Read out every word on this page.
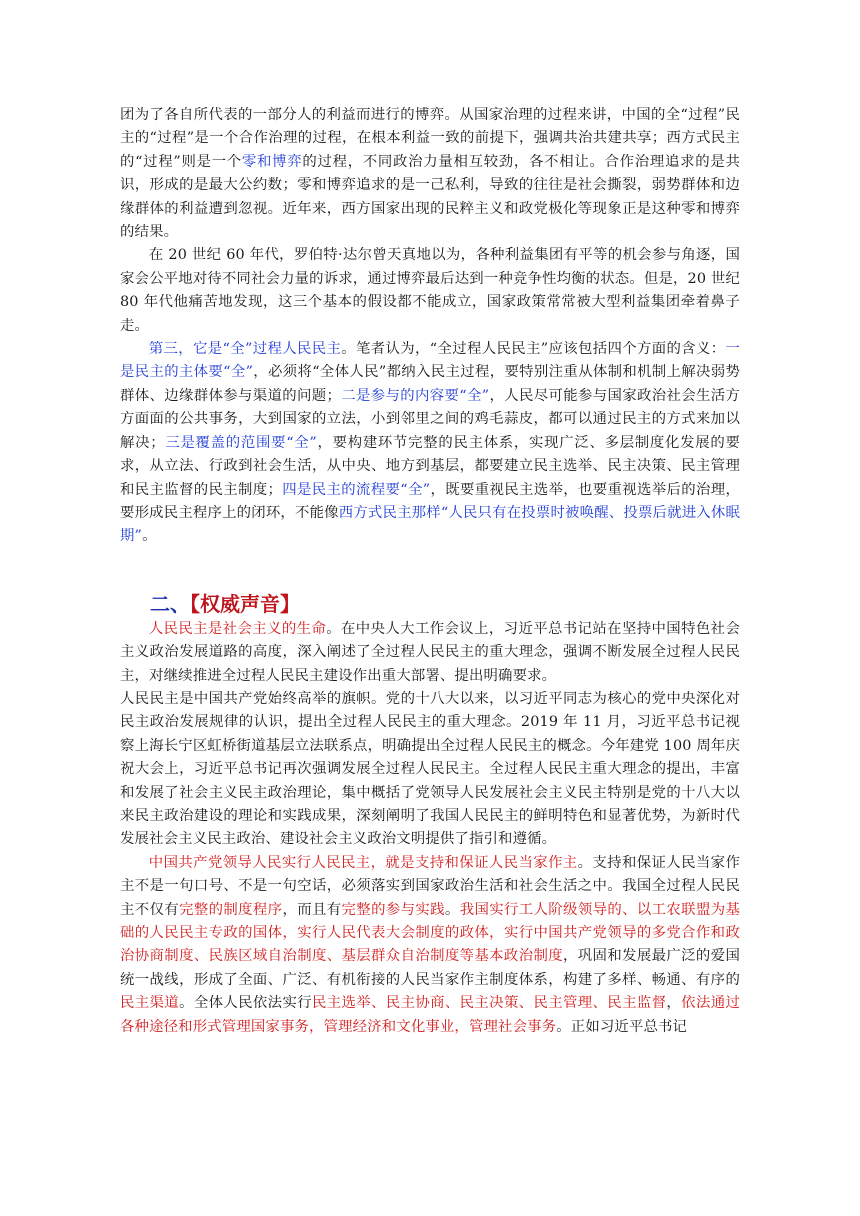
团为了各自所代表的一部分人的利益而进行的博弈。从国家治理的过程来讲，中国的全“过程”民主的“过程”是一个合作治理的过程，在根本利益一致的前提下，强调共治共建共享；西方式民主的“过程”则是一个零和博弈的过程，不同政治力量相互较劲，各不相让。合作治理追求的是共识，形成的是最大公约数；零和博弈追求的是一己私利，导致的往往是社会撕裂，弱势群体和边缘群体的利益遭到忽视。近年来，西方国家出现的民粹主义和政党极化等现象正是这种零和博弈的结果。

在 20 世纪 60 年代，罗伯特·达尔曾天真地以为，各种利益集团有平等的机会参与角逐，国家会公平地对待不同社会力量的诉求，通过博弈最后达到一种竞争性均衡的状态。但是，20 世纪 80 年代他痛苦地发现，这三个基本的假设都不能成立，国家政策常常被大型利益集团牵着鼻子走。

第三，它是“全”过程人民民主。笔者认为，“全过程人民民主”应该包括四个方面的含义：一是民主的主体要“全”，必须将“全体人民”都纳入民主过程，要特别注重从体制和机制上解决弱势群体、边缘群体参与渠道的问题；二是参与的内容要“全”，人民尽可能参与国家政治社会生活方方面面的公共事务，大到国家的立法，小到邻里之间的鸡毛蒜皮，都可以通过民主的方式来加以解决；三是覆盖的范围要“全”，要构建环节完整的民主体系，实现广泛、多层制度化发展的要求，从立法、行政到社会生活，从中央、地方到基层，都要建立民主选举、民主决策、民主管理和民主监督的民主制度；四是民主的流程要“全”，既要重视民主选举，也要重视选举后的治理，要形成民主程序上的闭环，不能像西方式民主那样“人民只有在投票时被唤醒、投票后就进入休眠期”。

二、【权威声音】

人民民主是社会主义的生命。在中央人大工作会议上，习近平总书记站在坚持中国特色社会主义政治发展道路的高度，深入阐述了全过程人民民主的重大理念，强调不断发展全过程人民民主，对继续推进全过程人民民主建设作出重大部署、提出明确要求。

人民民主是中国共产党始终高举的旗帜。党的十八大以来，以习近平同志为核心的党中央深化对民主政治发展规律的认识，提出全过程人民民主的重大理念。2019 年 11 月，习近平总书记视察上海长宁区虹桥街道基层立法联系点，明确提出全过程人民民主的概念。今年建党 100 周年庆祝大会上，习近平总书记再次强调发展全过程人民民主。全过程人民民主重大理念的提出，丰富和发展了社会主义民主政治理论，集中概括了党领导人民发展社会主义民主特别是党的十八大以来民主政治建设的理论和实践成果，深刻阐明了我国人民民主的鲜明特色和显著优势，为新时代发展社会主义民主政治、建设社会主义政治文明提供了指引和遵循。

中国共产党领导人民实行人民民主，就是支持和保证人民当家作主。支持和保证人民当家作主不是一句口号、不是一句空话，必须落实到国家政治生活和社会生活之中。我国全过程人民民主不仅有完整的制度程序，而且有完整的参与实践。我国实行工人阶级领导的、以工农联盟为基础的人民民主专政的国体，实行人民代表大会制度的政体，实行中国共产党领导的多党合作和政治协商制度、民族区域自治制度、基层群众自治制度等基本政治制度，巩固和发展最广泛的爱国统一战线，形成了全面、广泛、有机衔接的人民当家作主制度体系，构建了多样、畅通、有序的民主渠道。全体人民依法实行民主选举、民主协商、民主决策、民主管理、民主监督，依法通过各种途径和形式管理国家事务，管理经济和文化事业，管理社会事务。正如习近平总书记
